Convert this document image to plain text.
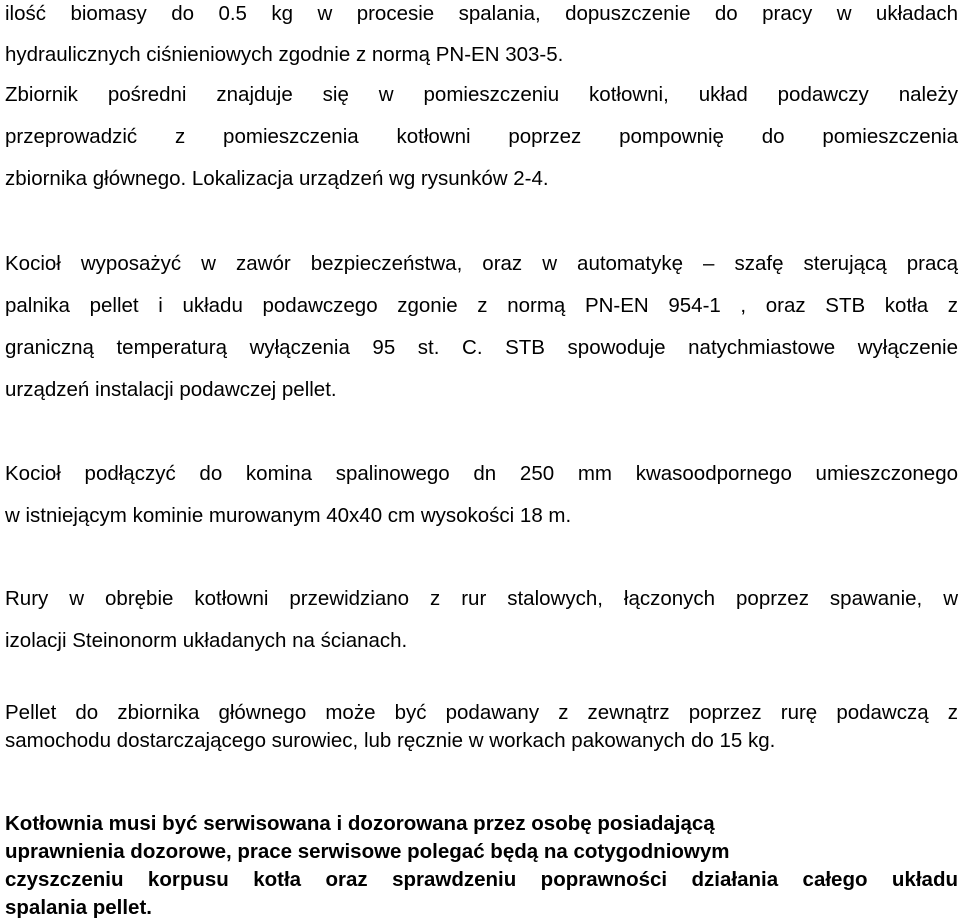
ilość biomasy do 0.5 kg w procesie spalania, dopuszczenie do pracy w układach
hydraulicznych ciśnieniowych zgodnie z normą PN-EN 303-5.
Zbiornik pośredni znajduje się w pomieszczeniu kotłowni, układ podawczy należy
przeprowadzić z pomieszczenia kotłowni poprzez pompownię do pomieszczenia
zbiornika głównego. Lokalizacja urządzeń wg rysunków 2-4.
Kocioł wyposażyć w zawór bezpieczeństwa, oraz w automatykę – szafę sterującą pracą
palnika pellet i układu podawczego zgonie z normą PN-EN 954-1 , oraz STB kotła z
graniczną temperaturą wyłączenia 95 st. C. STB spowoduje natychmiastowe wyłączenie
urządzeń instalacji podawczej pellet.
Kocioł podłączyć do komina spalinowego dn 250 mm kwasoodpornego umieszczonego
w istniejącym kominie murowanym 40x40 cm wysokości 18 m.
Rury w obrębie kotłowni przewidziano z rur stalowych, łączonych poprzez spawanie, w
izolacji Steinonorm układanych na ścianach.
Pellet do zbiornika głównego może być podawany z zewnątrz poprzez rurę podawczą z
samochodu dostarczającego surowiec, lub ręcznie w workach pakowanych do 15 kg.
Kotłownia musi być serwisowana i dozorowana przez osobę posiadającą
uprawnienia dozorowe, prace serwisowe polegać będą na cotygodniowym
czyszczeniu korpusu kotła oraz sprawdzeniu poprawności działania całego układu
spalania pellet.
